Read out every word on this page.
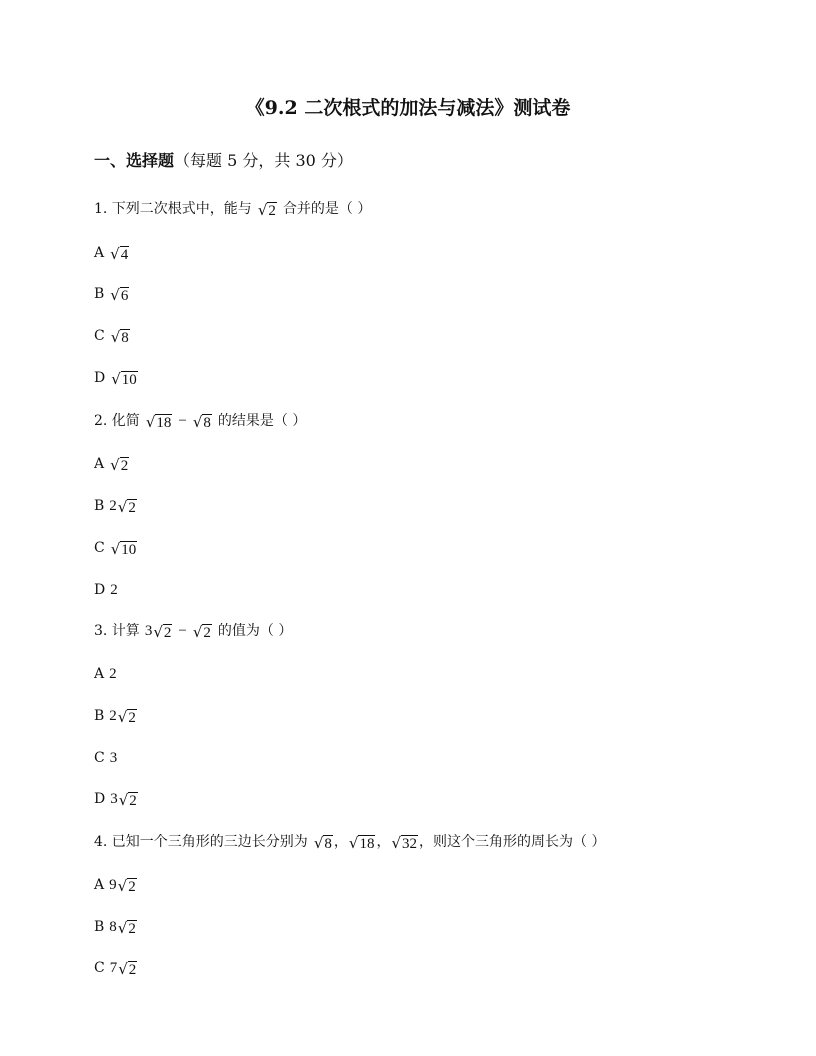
《9.2 二次根式的加法与减法》测试卷
一、选择题（每题 5 分，共 30 分）
1. 下列二次根式中，能与 √ 2 合并的是（ ）
A √ 4
B √ 6
C √ 8
D √ 10
2. 化简 √ 18 − √ 8 的结果是（ ）
A √ 2
B 2 √ 2
C √ 10
D 2
3. 计算 3 √ 2 − √ 2 的值为（ ）
A 2
B 2 √ 2
C 3
D 3 √ 2
4. 已知一个三角形的三边长分别为 √ 8 ， √ 18 ， √ 32 ，则这个三角形的周长为（ ）
A 9 √ 2
B 8 √ 2
C 7 √ 2
